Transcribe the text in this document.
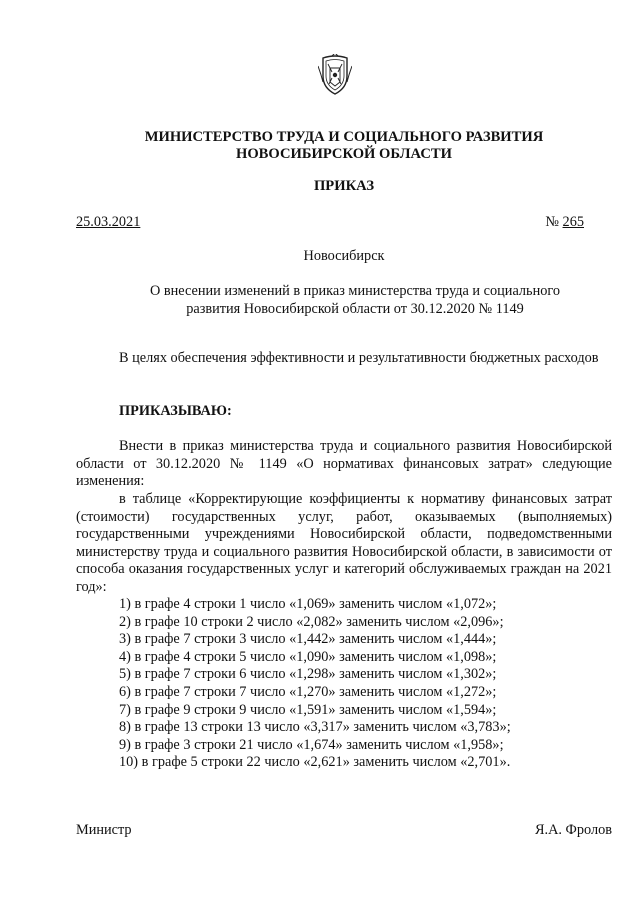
МИНИСТЕРСТВО ТРУДА И СОЦИАЛЬНОГО РАЗВИТИЯ
НОВОСИБИРСКОЙ ОБЛАСТИ
ПРИКАЗ
25.03.2021	№ 265
Новосибирск
О внесении изменений в приказ министерства труда и социального
развития Новосибирской области от 30.12.2020 № 1149
В целях обеспечения эффективности и результативности бюджетных расходов
ПРИКАЗЫВАЮ:
Внести в приказ министерства труда и социального развития Новосибирской области от 30.12.2020 № 1149 «О нормативах финансовых затрат» следующие изменения:
в таблице «Корректирующие коэффициенты к нормативу финансовых затрат (стоимости) государственных услуг, работ, оказываемых (выполняемых) государственными учреждениями Новосибирской области, подведомственными министерству труда и социального развития Новосибирской области, в зависимости от способа оказания государственных услуг и категорий обслуживаемых граждан на 2021 год»:
1) в графе 4 строки 1 число «1,069» заменить числом «1,072»;
2) в графе 10 строки 2 число «2,082» заменить числом «2,096»;
3) в графе 7 строки 3 число «1,442» заменить числом «1,444»;
4) в графе 4 строки 5 число «1,090» заменить числом «1,098»;
5) в графе 7 строки 6 число «1,298» заменить числом «1,302»;
6) в графе 7 строки 7 число «1,270» заменить числом «1,272»;
7) в графе 9 строки 9 число «1,591» заменить числом «1,594»;
8) в графе 13 строки 13 число «3,317» заменить числом «3,783»;
9) в графе 3 строки 21 число «1,674» заменить числом «1,958»;
10) в графе 5 строки 22 число «2,621» заменить числом «2,701».
Министр	Я.А. Фролов
